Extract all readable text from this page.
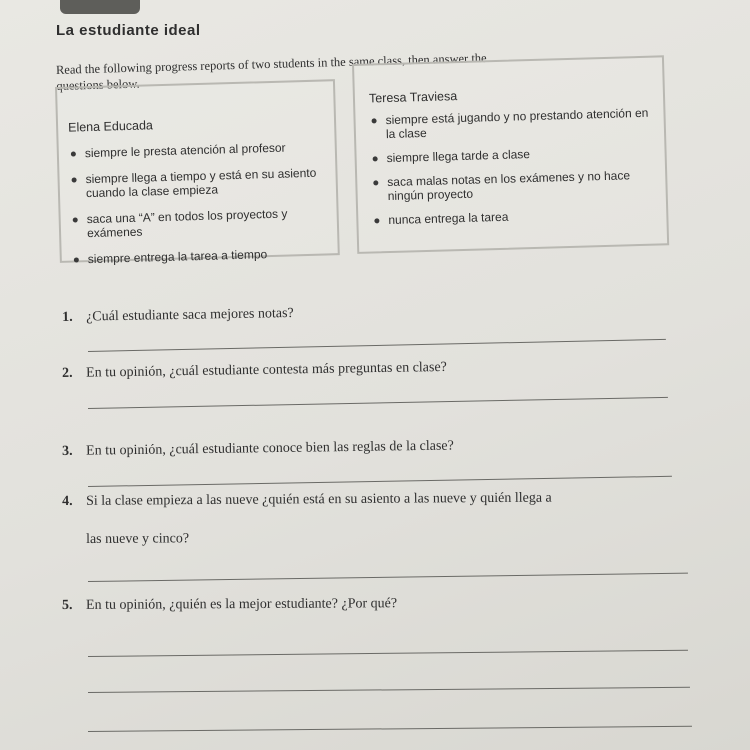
La estudiante ideal
Read the following progress reports of two students in the same class, then answer the
questions below.
Elena Educada
siempre le presta atención al profesor
siempre llega a tiempo y está en su asiento cuando la clase empieza
saca una “A” en todos los proyectos y exámenes
siempre entrega la tarea a tiempo
Teresa Traviesa
siempre está jugando y no prestando atención en la clase
siempre llega tarde a clase
saca malas notas en los exámenes y no hace ningún proyecto
nunca entrega la tarea
1. ¿Cuál estudiante saca mejores notas?
2. En tu opinión, ¿cuál estudiante contesta más preguntas en clase?
3. En tu opinión, ¿cuál estudiante conoce bien las reglas de la clase?
4. Si la clase empieza a las nueve ¿quién está en su asiento a las nueve y quién llega a
las nueve y cinco?
5. En tu opinión, ¿quién es la mejor estudiante? ¿Por qué?
